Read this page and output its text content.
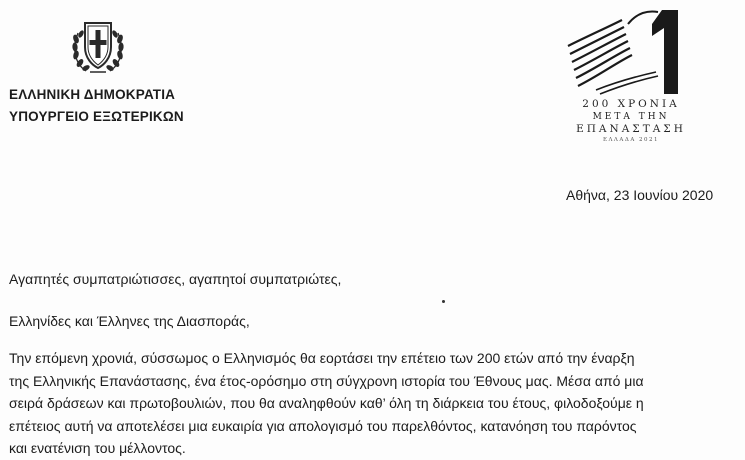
ΕΛΛΗΝΙΚΗ ΔΗΜΟΚΡΑΤΙΑ
ΥΠΟΥΡΓΕΙΟ ΕΞΩΤΕΡΙΚΩΝ
200 ΧΡΟΝΙΑ
ΜΕΤΑ ΤΗΝ
ΕΠΑΝΑΣΤΑΣΗ
ΕΛΛΑΔΑ 2021
Αθήνα, 23 Ιουνίου 2020
Αγαπητές συμπατριώτισσες, αγαπητοί συμπατριώτες,
Ελληνίδες και Έλληνες της Διασποράς,
Την επόμενη χρονιά, σύσσωμος ο Ελληνισμός θα εορτάσει την επέτειο των 200 ετών από την έναρξη
της Ελληνικής Επανάστασης, ένα έτος-ορόσημο στη σύγχρονη ιστορία του Έθνους μας. Μέσα από μια
σειρά δράσεων και πρωτοβουλιών, που θα αναληφθούν καθ’ όλη τη διάρκεια του έτους, φιλοδοξούμε η
επέτειος αυτή να αποτελέσει μια ευκαιρία για απολογισμό του παρελθόντος, κατανόηση του παρόντος
και ενατένιση του μέλλοντος.
